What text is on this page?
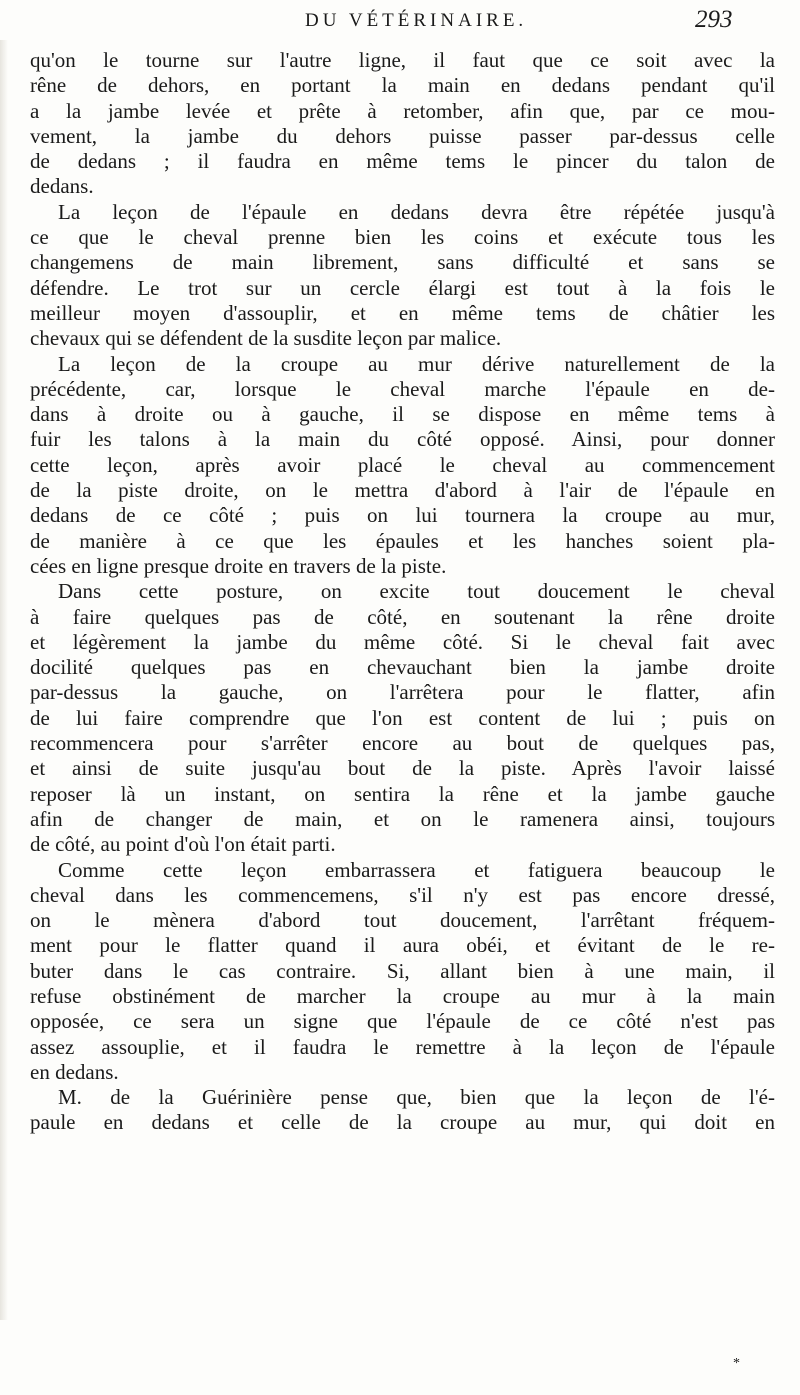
DU VÉTÉRINAIRE.	293
qu'on le tourne sur l'autre ligne, il faut que ce soit avec la
rêne de dehors, en portant la main en dedans pendant qu'il
a la jambe levée et prête à retomber, afin que, par ce mou-
vement, la jambe du dehors puisse passer par-dessus celle
de dedans ; il faudra en même tems le pincer du talon de
dedans.
La leçon de l'épaule en dedans devra être répétée jusqu'à
ce que le cheval prenne bien les coins et exécute tous les
changemens de main librement, sans difficulté et sans se
défendre. Le trot sur un cercle élargi est tout à la fois le
meilleur moyen d'assouplir, et en même tems de châtier les
chevaux qui se défendent de la susdite leçon par malice.
La leçon de la croupe au mur dérive naturellement de la
précédente, car, lorsque le cheval marche l'épaule en de-
dans à droite ou à gauche, il se dispose en même tems à
fuir les talons à la main du côté opposé. Ainsi, pour donner
cette leçon, après avoir placé le cheval au commencement
de la piste droite, on le mettra d'abord à l'air de l'épaule en
dedans de ce côté ; puis on lui tournera la croupe au mur,
de manière à ce que les épaules et les hanches soient pla-
cées en ligne presque droite en travers de la piste.
Dans cette posture, on excite tout doucement le cheval
à faire quelques pas de côté, en soutenant la rêne droite
et légèrement la jambe du même côté. Si le cheval fait avec
docilité quelques pas en chevauchant bien la jambe droite
par-dessus la gauche, on l'arrêtera pour le flatter, afin
de lui faire comprendre que l'on est content de lui ; puis on
recommencera pour s'arrêter encore au bout de quelques pas,
et ainsi de suite jusqu'au bout de la piste. Après l'avoir laissé
reposer là un instant, on sentira la rêne et la jambe gauche
afin de changer de main, et on le ramenera ainsi, toujours
de côté, au point d'où l'on était parti.
Comme cette leçon embarrassera et fatiguera beaucoup le
cheval dans les commencemens, s'il n'y est pas encore dressé,
on le mènera d'abord tout doucement, l'arrêtant fréquem-
ment pour le flatter quand il aura obéi, et évitant de le re-
buter dans le cas contraire. Si, allant bien à une main, il
refuse obstinément de marcher la croupe au mur à la main
opposée, ce sera un signe que l'épaule de ce côté n'est pas
assez assouplie, et il faudra le remettre à la leçon de l'épaule
en dedans.
M. de la Guérinière pense que, bien que la leçon de l'é-
paule en dedans et celle de la croupe au mur, qui doit en
*
